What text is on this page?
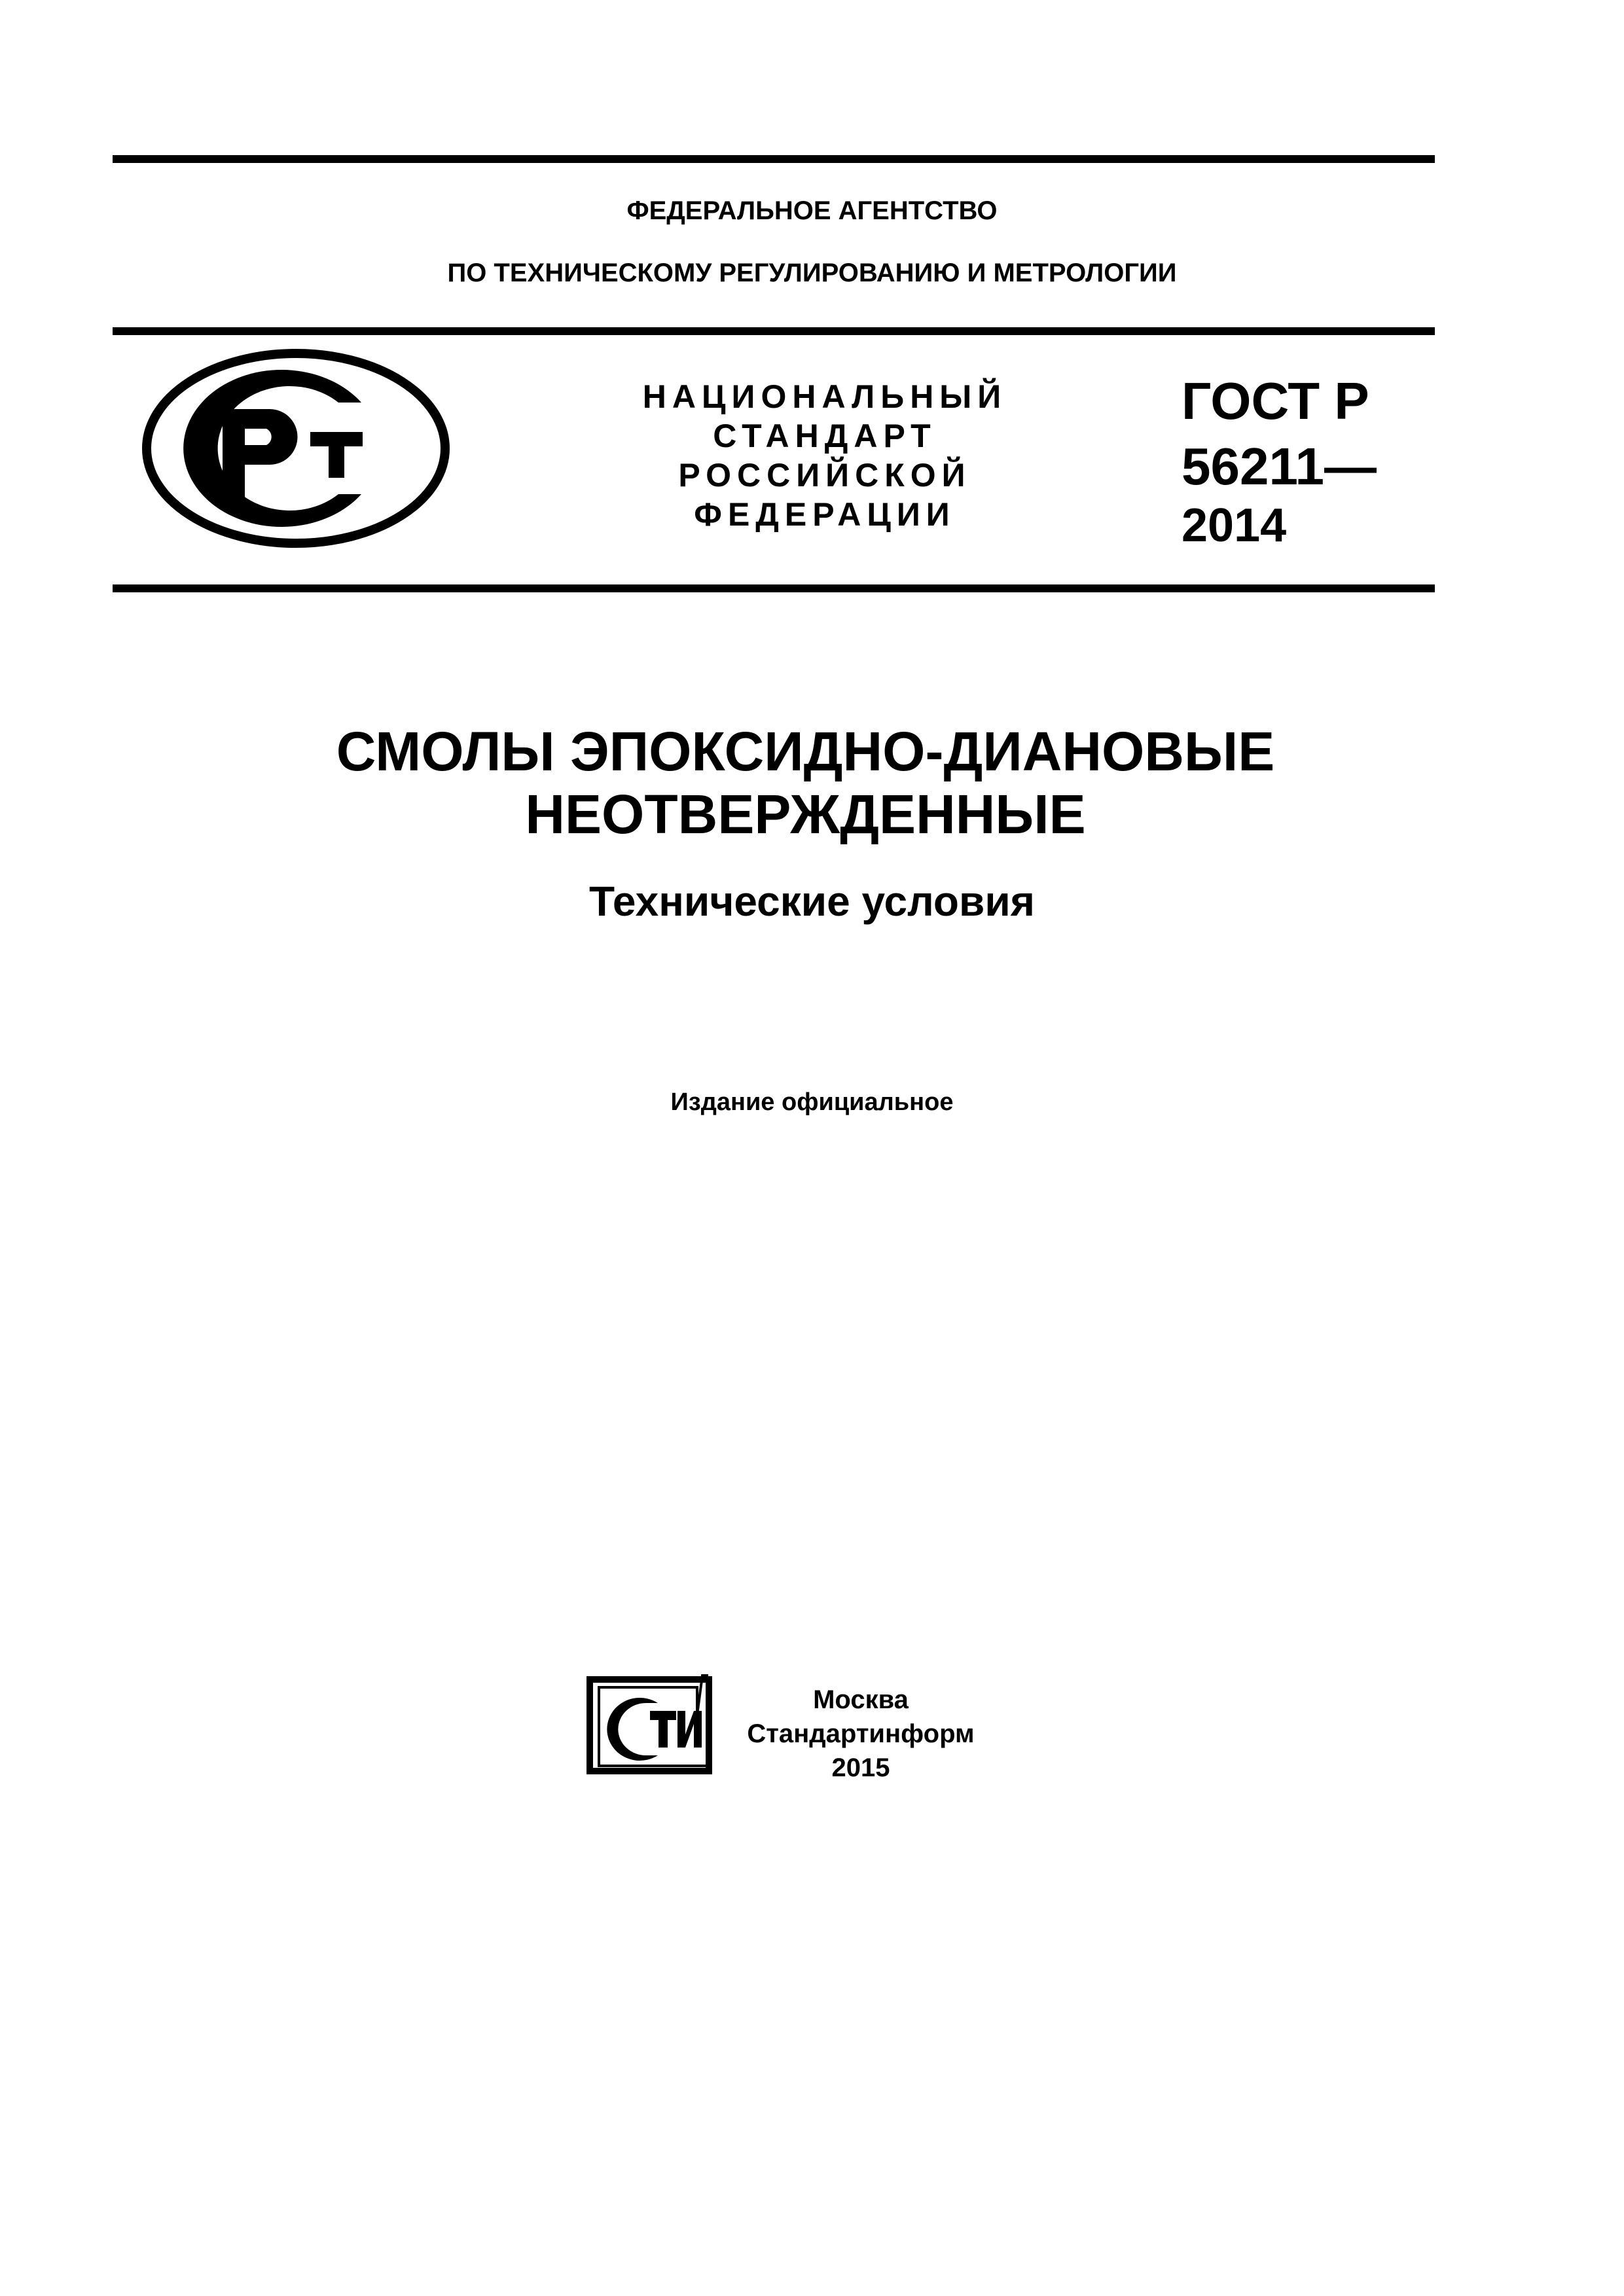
ФЕДЕРАЛЬНОЕ АГЕНТСТВО
ПО ТЕХНИЧЕСКОМУ РЕГУЛИРОВАНИЮ И МЕТРОЛОГИИ
НАЦИОНАЛЬНЫЙ
СТАНДАРТ
РОССИЙСКОЙ
ФЕДЕРАЦИИ
ГОСТ Р
56211—
2014
СМОЛЫ ЭПОКСИДНО-ДИАНОВЫЕ
НЕОТВЕРЖДЕННЫЕ
Технические условия
Издание официальное
Москва
Стандартинформ
2015
